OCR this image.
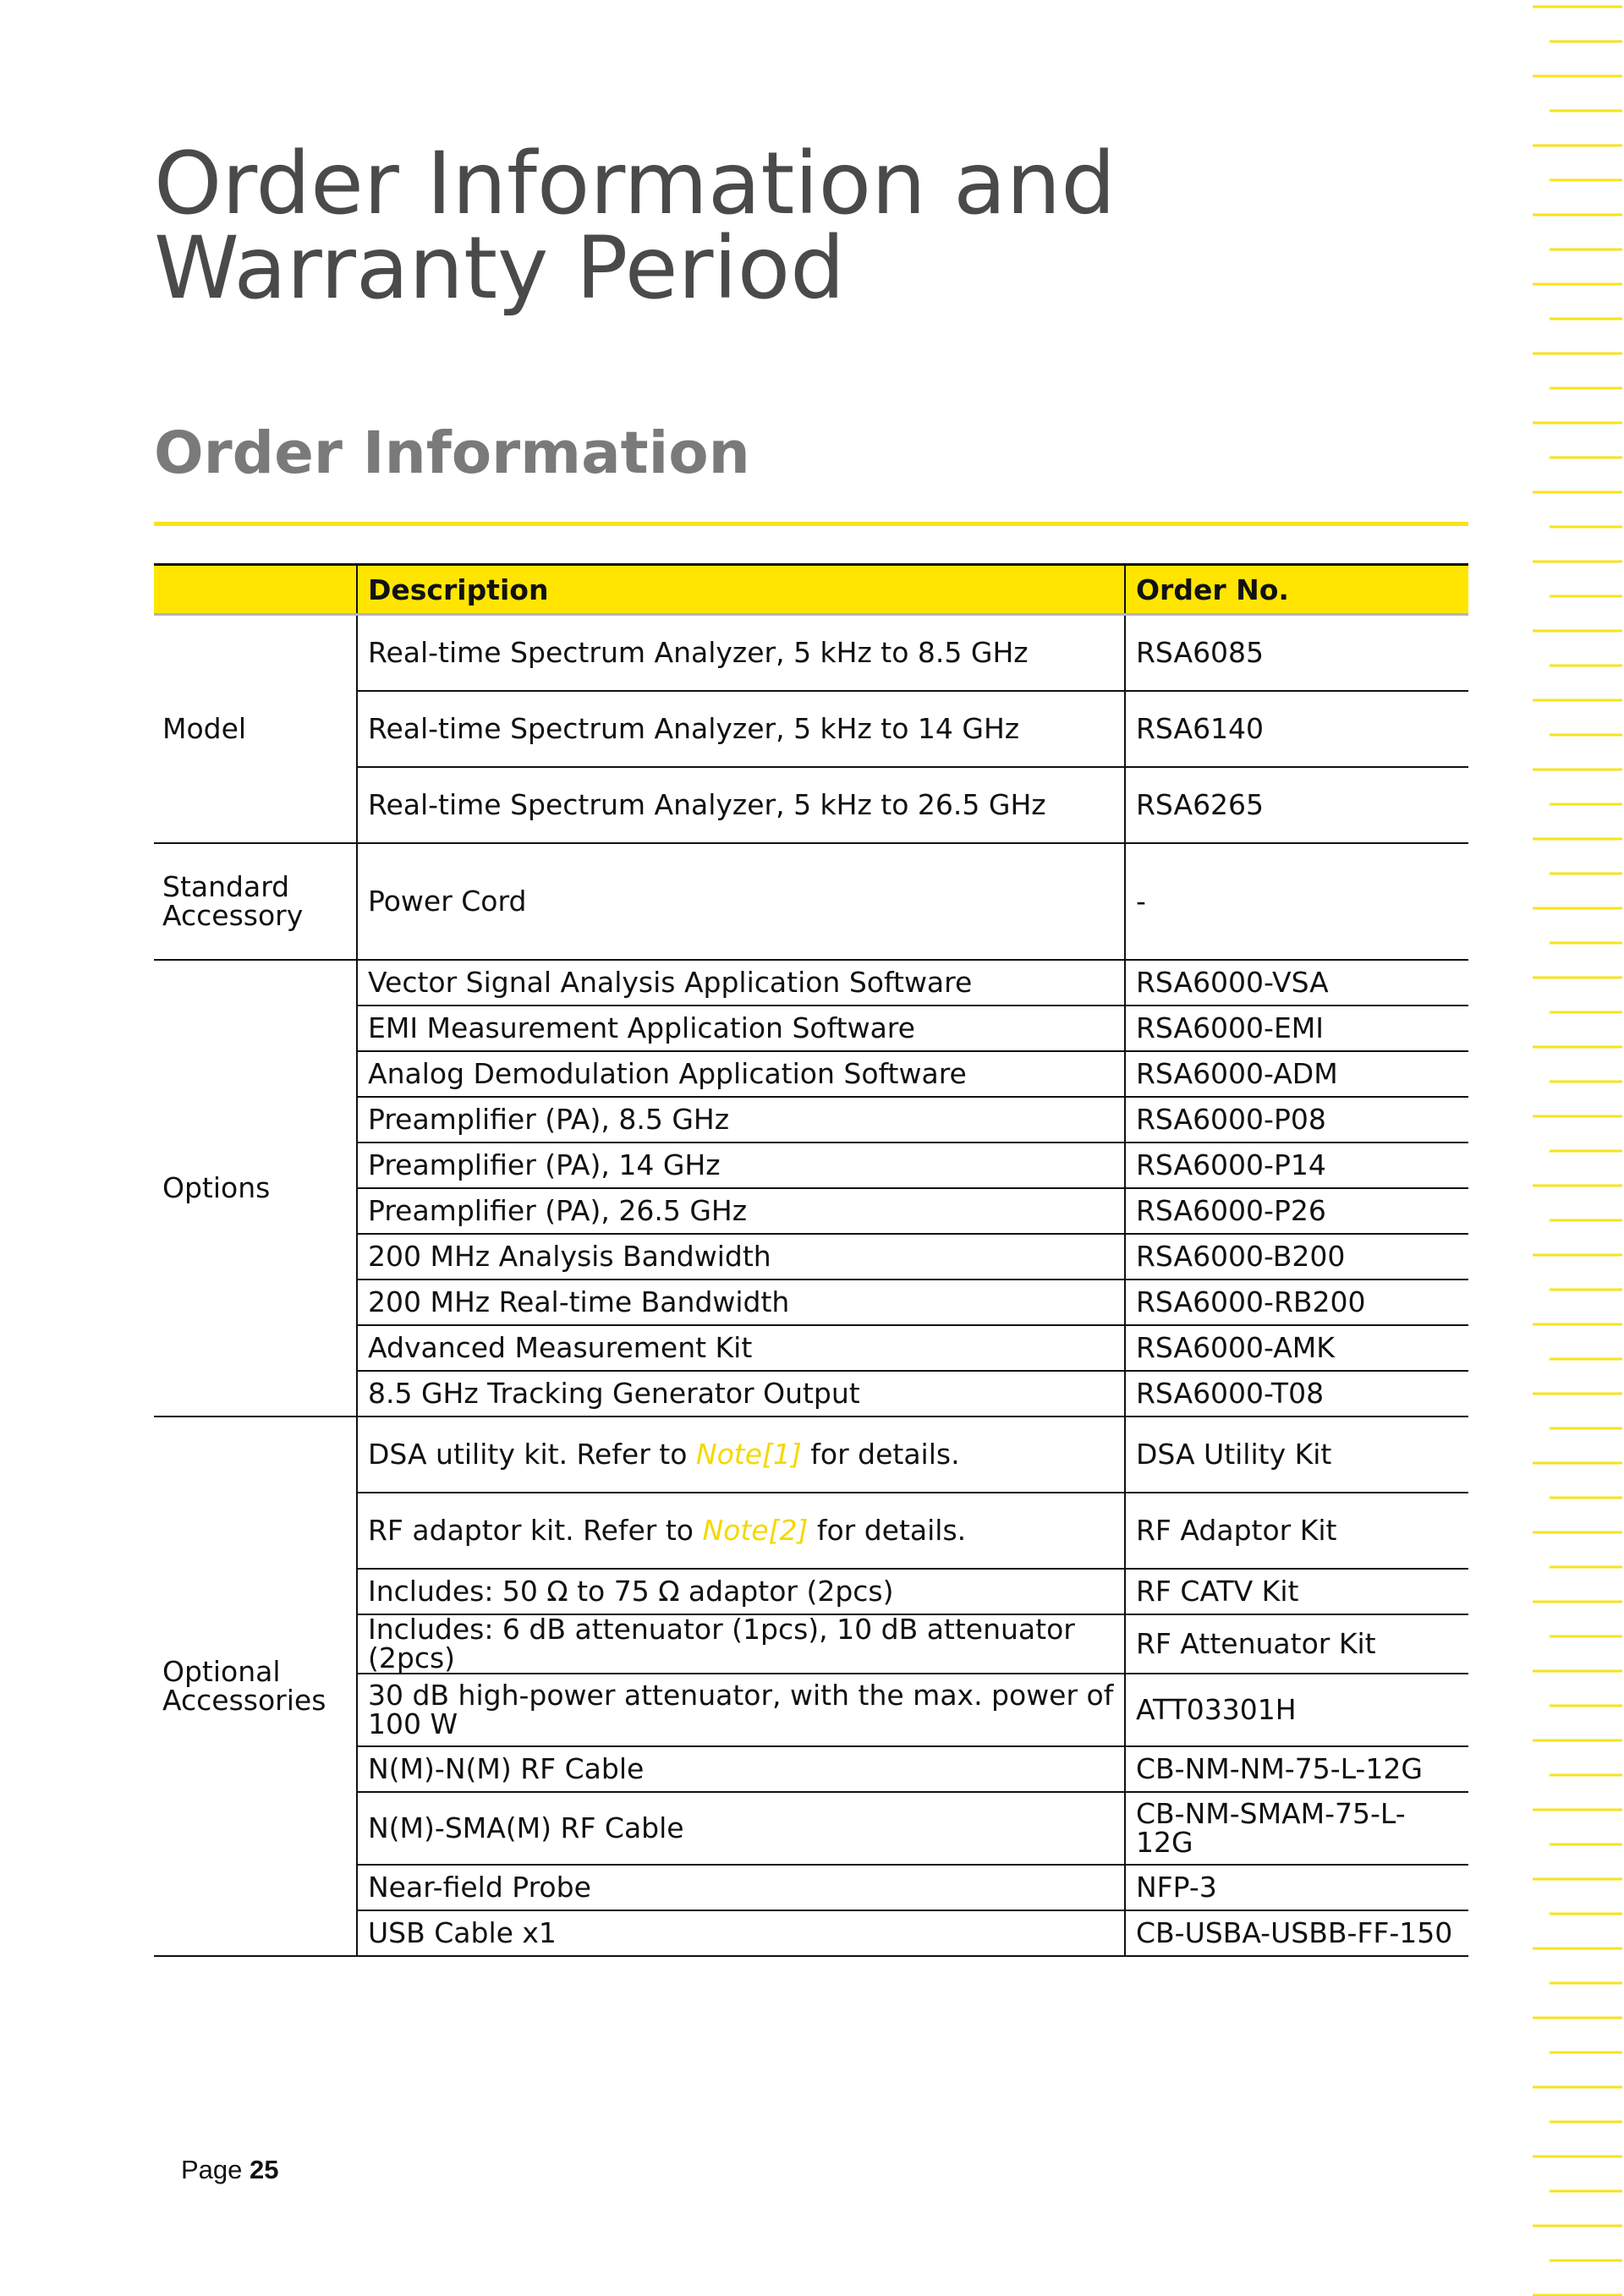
Order Information and Warranty Period
Order Information
	Description	Order No.
Model	Real-time Spectrum Analyzer, 5 kHz to 8.5 GHz	RSA6085
	Real-time Spectrum Analyzer, 5 kHz to 14 GHz	RSA6140
	Real-time Spectrum Analyzer, 5 kHz to 26.5 GHz	RSA6265
Standard Accessory	Power Cord	-
Options	Vector Signal Analysis Application Software	RSA6000-VSA
	EMI Measurement Application Software	RSA6000-EMI
	Analog Demodulation Application Software	RSA6000-ADM
	Preamplifier (PA), 8.5 GHz	RSA6000-P08
	Preamplifier (PA), 14 GHz	RSA6000-P14
	Preamplifier (PA), 26.5 GHz	RSA6000-P26
	200 MHz Analysis Bandwidth	RSA6000-B200
	200 MHz Real-time Bandwidth	RSA6000-RB200
	Advanced Measurement Kit	RSA6000-AMK
	8.5 GHz Tracking Generator Output	RSA6000-T08
Optional Accessories	DSA utility kit. Refer to Note[1] for details.	DSA Utility Kit
	RF adaptor kit. Refer to Note[2] for details.	RF Adaptor Kit
	Includes: 50 Ω to 75 Ω adaptor (2pcs)	RF CATV Kit
	Includes: 6 dB attenuator (1pcs), 10 dB attenuator (2pcs)	RF Attenuator Kit
	30 dB high-power attenuator, with the max. power of 100 W	ATT03301H
	N(M)-N(M) RF Cable	CB-NM-NM-75-L-12G
	N(M)-SMA(M) RF Cable	CB-NM-SMAM-75-L-12G
	Near-field Probe	NFP-3
	USB Cable x1	CB-USBA-USBB-FF-150

Page 25
